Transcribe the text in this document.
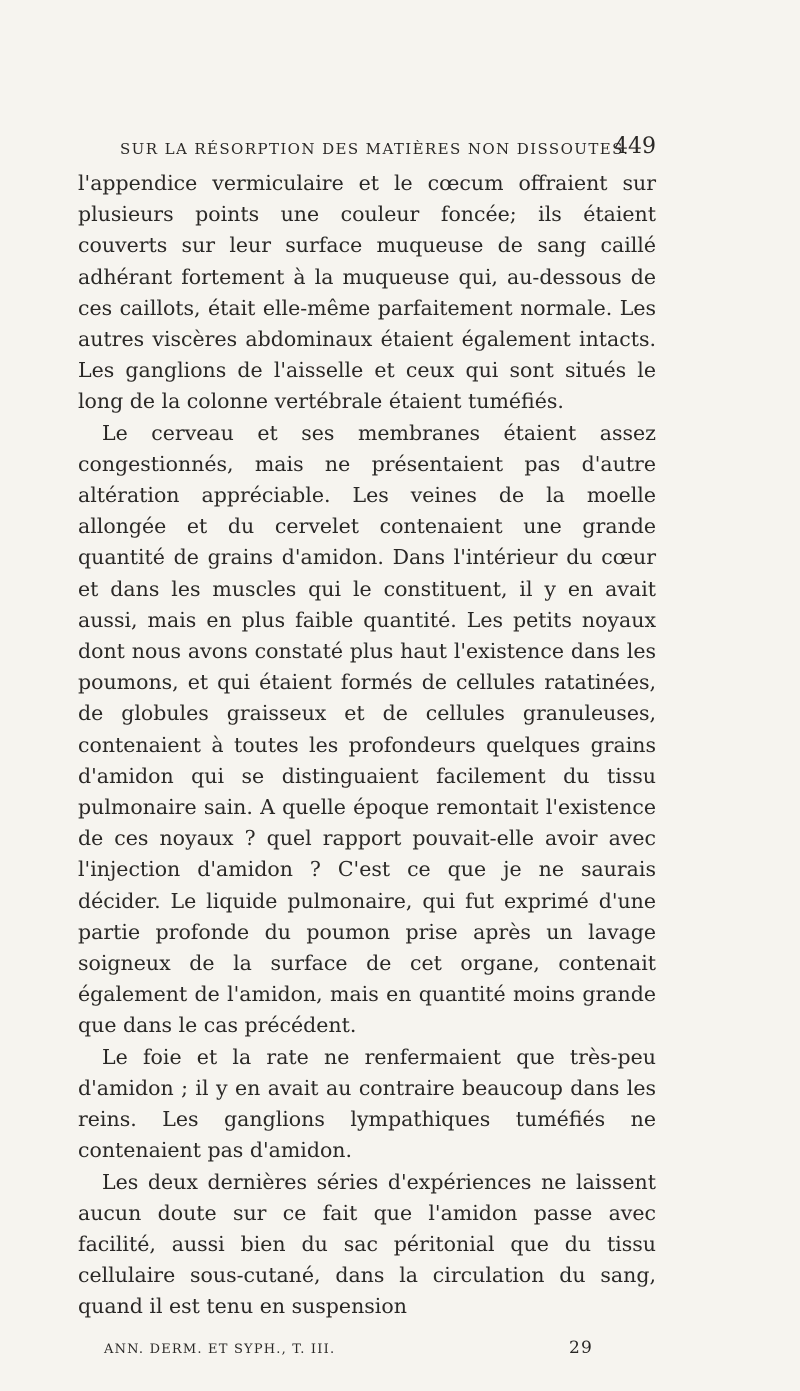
SUR LA RÉSORPTION DES MATIÈRES NON DISSOUTES.
449

l'appendice vermiculaire et le cœcum offraient sur plusieurs points une couleur foncée; ils étaient couverts sur leur surface muqueuse de sang caillé adhérant fortement à la muqueuse qui, au-dessous de ces caillots, était elle-même parfaitement normale. Les autres viscères abdominaux étaient également intacts. Les ganglions de l'aisselle et ceux qui sont situés le long de la colonne vertébrale étaient tuméfiés.

Le cerveau et ses membranes étaient assez congestionnés, mais ne présentaient pas d'autre altération appréciable. Les veines de la moelle allongée et du cervelet contenaient une grande quantité de grains d'amidon. Dans l'intérieur du cœur et dans les muscles qui le constituent, il y en avait aussi, mais en plus faible quantité. Les petits noyaux dont nous avons constaté plus haut l'existence dans les poumons, et qui étaient formés de cellules ratatinées, de globules graisseux et de cellules granuleuses, contenaient à toutes les profondeurs quelques grains d'amidon qui se distinguaient facilement du tissu pulmonaire sain. A quelle époque remontait l'existence de ces noyaux ? quel rapport pouvait-elle avoir avec l'injection d'amidon ? C'est ce que je ne saurais décider. Le liquide pulmonaire, qui fut exprimé d'une partie profonde du poumon prise après un lavage soigneux de la surface de cet organe, contenait également de l'amidon, mais en quantité moins grande que dans le cas précédent.

Le foie et la rate ne renfermaient que très-peu d'amidon ; il y en avait au contraire beaucoup dans les reins. Les ganglions lympathiques tuméfiés ne contenaient pas d'amidon.

Les deux dernières séries d'expériences ne laissent aucun doute sur ce fait que l'amidon passe avec facilité, aussi bien du sac péritonial que du tissu cellulaire sous-cutané, dans la circulation du sang, quand il est tenu en suspension

ANN. DERM. ET SYPH., T. III.	29
